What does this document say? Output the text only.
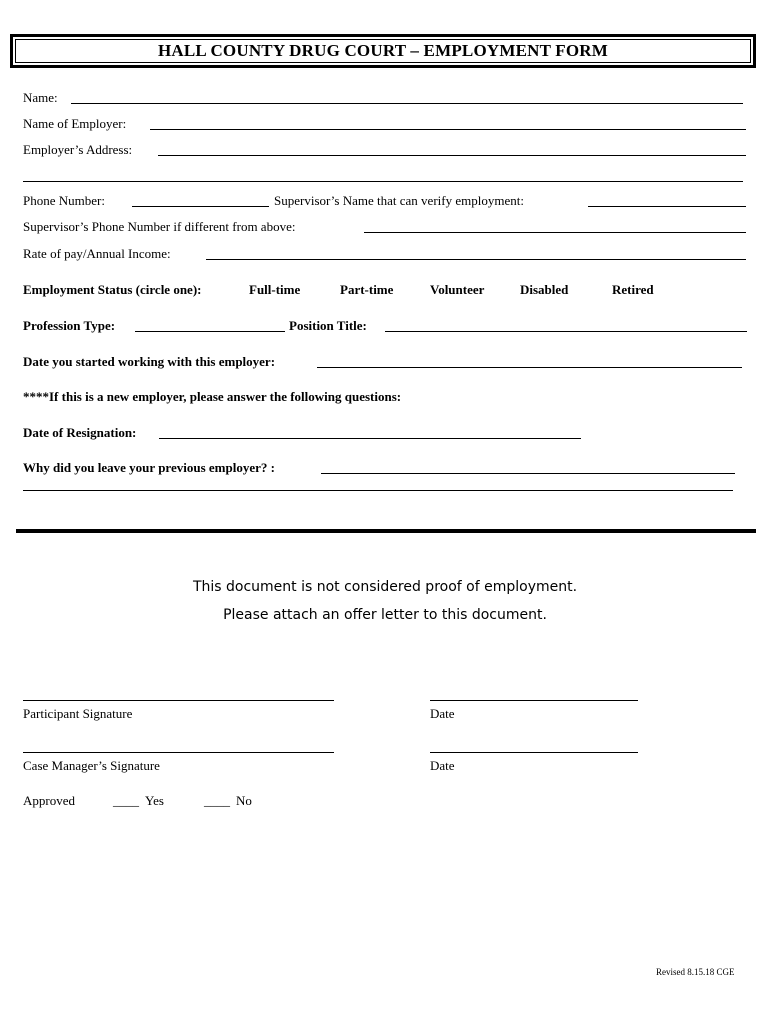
HALL COUNTY DRUG COURT – EMPLOYMENT FORM
Name:
Name of Employer:
Employer’s Address:
Phone Number:	Supervisor’s Name that can verify employment:
Supervisor’s Phone Number if different from above:
Rate of pay/Annual Income:
Employment Status (circle one):	Full-time	Part-time	Volunteer	Disabled	Retired
Profession Type:	Position Title:
Date you started working with this employer:
****If this is a new employer, please answer the following questions:
Date of Resignation:
Why did you leave your previous employer? :
This document is not considered proof of employment.
Please attach an offer letter to this document.
Participant Signature	Date
Case Manager’s Signature	Date
Approved	____ Yes	____ No
Revised 8.15.18 CGE
